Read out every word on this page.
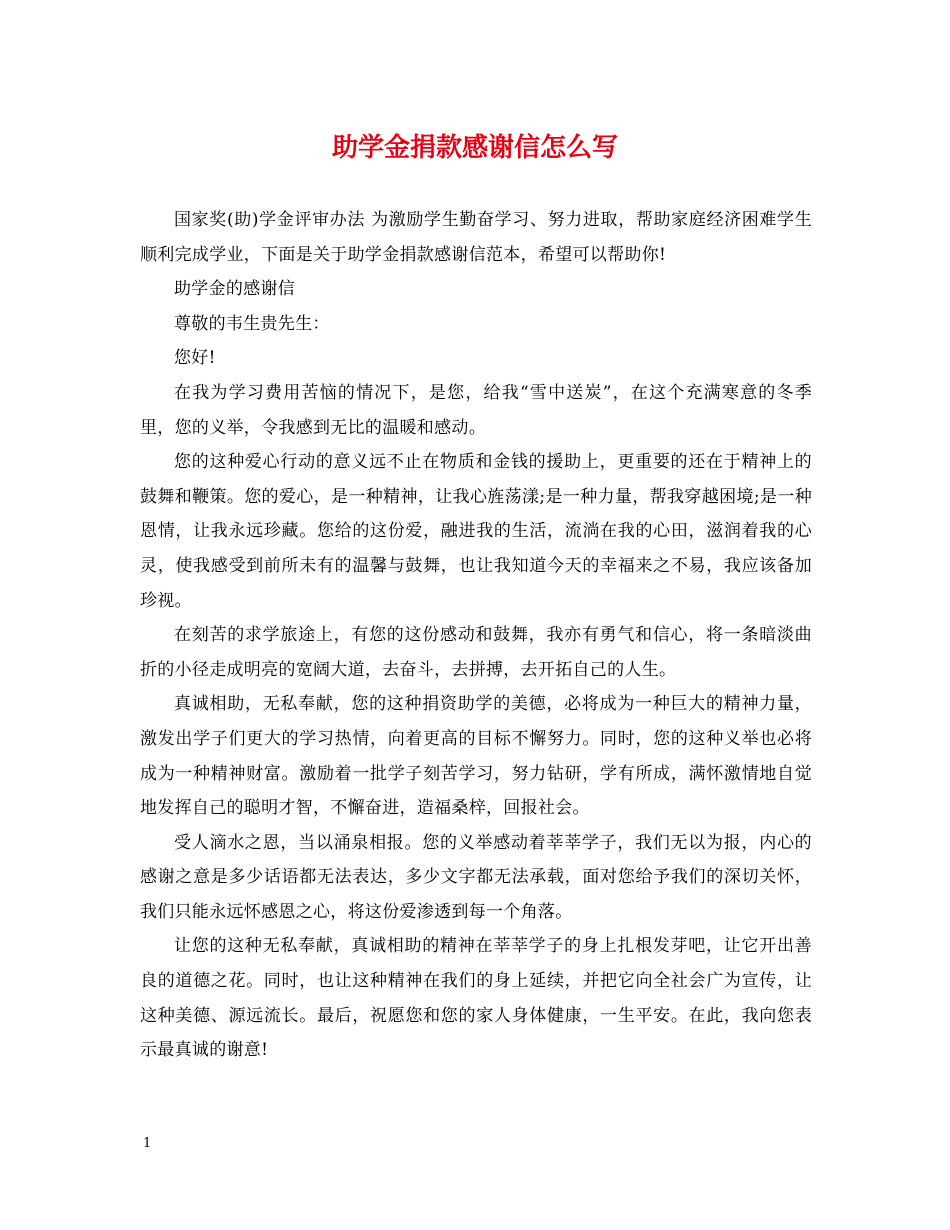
助学金捐款感谢信怎么写

国家奖(助)学金评审办法 为激励学生勤奋学习、努力进取，帮助家庭经济困难学生顺利完成学业，下面是关于助学金捐款感谢信范本，希望可以帮助你!

助学金的感谢信

尊敬的韦生贵先生：

您好!

在我为学习费用苦恼的情况下，是您，给我“雪中送炭”，在这个充满寒意的冬季里，您的义举，令我感到无比的温暖和感动。

您的这种爱心行动的意义远不止在物质和金钱的援助上，更重要的还在于精神上的鼓舞和鞭策。您的爱心，是一种精神，让我心旌荡漾;是一种力量，帮我穿越困境;是一种恩情，让我永远珍藏。您给的这份爱，融进我的生活，流淌在我的心田，滋润着我的心灵，使我感受到前所未有的温馨与鼓舞，也让我知道今天的幸福来之不易，我应该备加珍视。

在刻苦的求学旅途上，有您的这份感动和鼓舞，我亦有勇气和信心，将一条暗淡曲折的小径走成明亮的宽阔大道，去奋斗，去拼搏，去开拓自己的人生。

真诚相助，无私奉献，您的这种捐资助学的美德，必将成为一种巨大的精神力量，激发出学子们更大的学习热情，向着更高的目标不懈努力。同时，您的这种义举也必将成为一种精神财富。激励着一批学子刻苦学习，努力钻研，学有所成，满怀激情地自觉地发挥自己的聪明才智，不懈奋进，造福桑梓，回报社会。

受人滴水之恩，当以涌泉相报。您的义举感动着莘莘学子，我们无以为报，内心的感谢之意是多少话语都无法表达，多少文字都无法承载，面对您给予我们的深切关怀，我们只能永远怀感恩之心，将这份爱渗透到每一个角落。

让您的这种无私奉献，真诚相助的精神在莘莘学子的身上扎根发芽吧，让它开出善良的道德之花。同时，也让这种精神在我们的身上延续，并把它向全社会广为宣传，让这种美德、源远流长。最后，祝愿您和您的家人身体健康，一生平安。在此，我向您表示最真诚的谢意!

1
